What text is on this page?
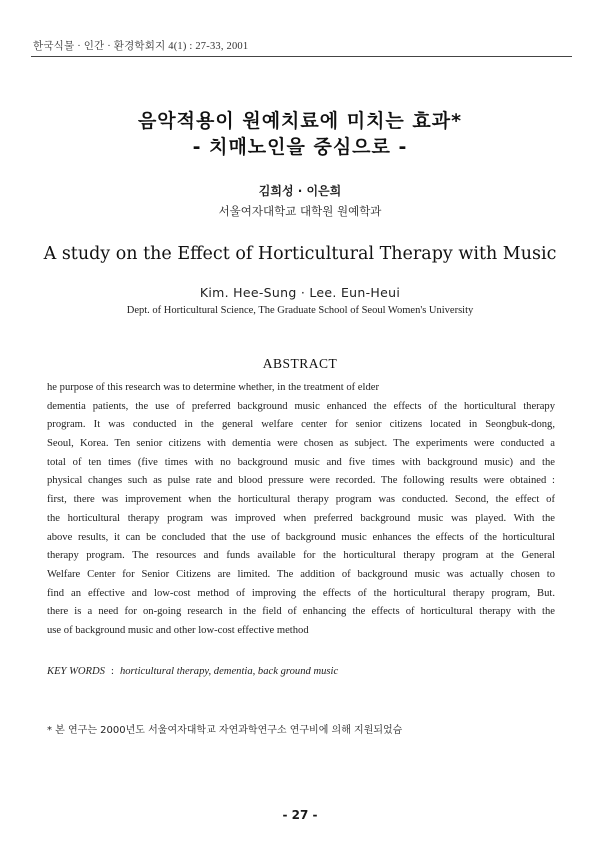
한국식물 · 인간 · 환경학회지 4(1) : 27-33, 2001
음악적용이 원예치료에 미치는 효과*
- 치매노인을 중심으로 -
김희성 · 이은희
서울여자대학교 대학원 원예학과
A study on the Effect of Horticultural Therapy with Music
Kim. Hee-Sung · Lee. Eun-Heui
Dept. of Horticultural Science, The Graduate School of Seoul Women's University
ABSTRACT
he purpose of this research was to determine whether, in the treatment of elder
dementia patients, the use of preferred background music enhanced the effects of the horticultural therapy
program. It was conducted in the general welfare center for senior citizens located in Seongbuk-dong,
Seoul, Korea. Ten senior citizens with dementia were chosen as subject. The experiments were conducted a
total of ten times (five times with no background music and five times with background music) and the
physical changes such as pulse rate and blood pressure were recorded. The following results were obtained :
first, there was improvement when the horticultural therapy program was conducted. Second, the effect of
the horticultural therapy program was improved when preferred background music was played. With the
above results, it can be concluded that the use of background music enhances the effects of the horticultural
therapy program. The resources and funds available for the horticultural therapy program at the General
Welfare Center for Senior Citizens are limited. The addition of background music was actually chosen to
find an effective and low-cost method of improving the effects of the horticultural therapy program, But.
there is a need for on-going research in the field of enhancing the effects of horticultural therapy with the
use of background music and other low-cost effective method
KEY WORDS : horticultural therapy, dementia, back ground music
* 본 연구는 2000년도 서울여자대학교 자연과학연구소 연구비에 의해 지원되었슴
- 27 -
